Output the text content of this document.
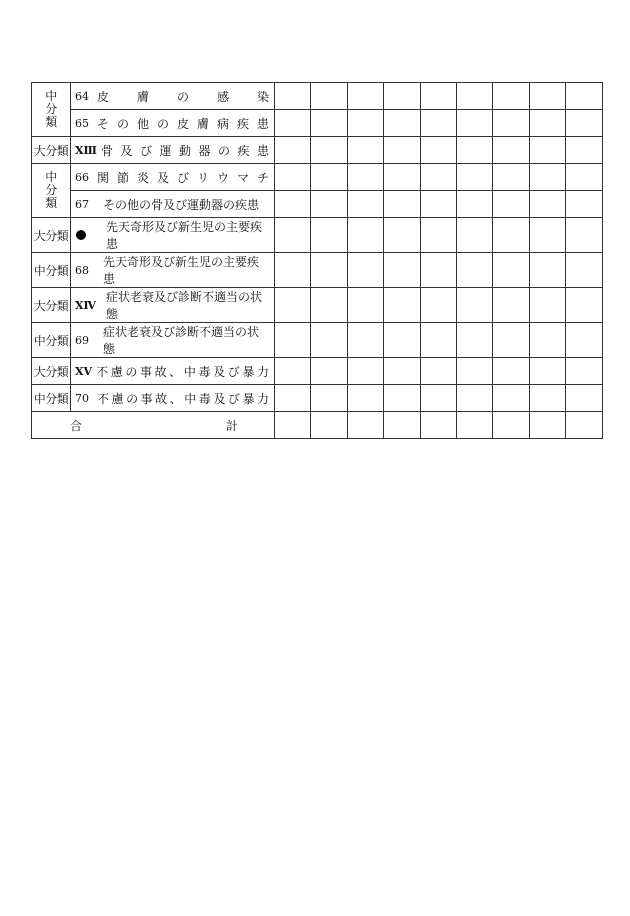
中
分
類	64 皮膚の感染									

	65 その他の皮膚病疾患									

大分類	XⅢ 骨及び運動器の疾患									

中
分
類	66 関節炎及びリウマチ									

	67 その他の骨及び運動器の疾患									

大分類	先天奇形及び新生児の主要疾患									

中分類	68
先天奇形及び新生児の主要疾患									

大分類	XⅣ
症状老衰及び診断不適当の状態									

中分類	69
症状老衰及び診断不適当の状態									

大分類	XⅤ 不慮の事故、中毒及び暴力									

中分類	70 不慮の事故、中毒及び暴力									

合 計										
